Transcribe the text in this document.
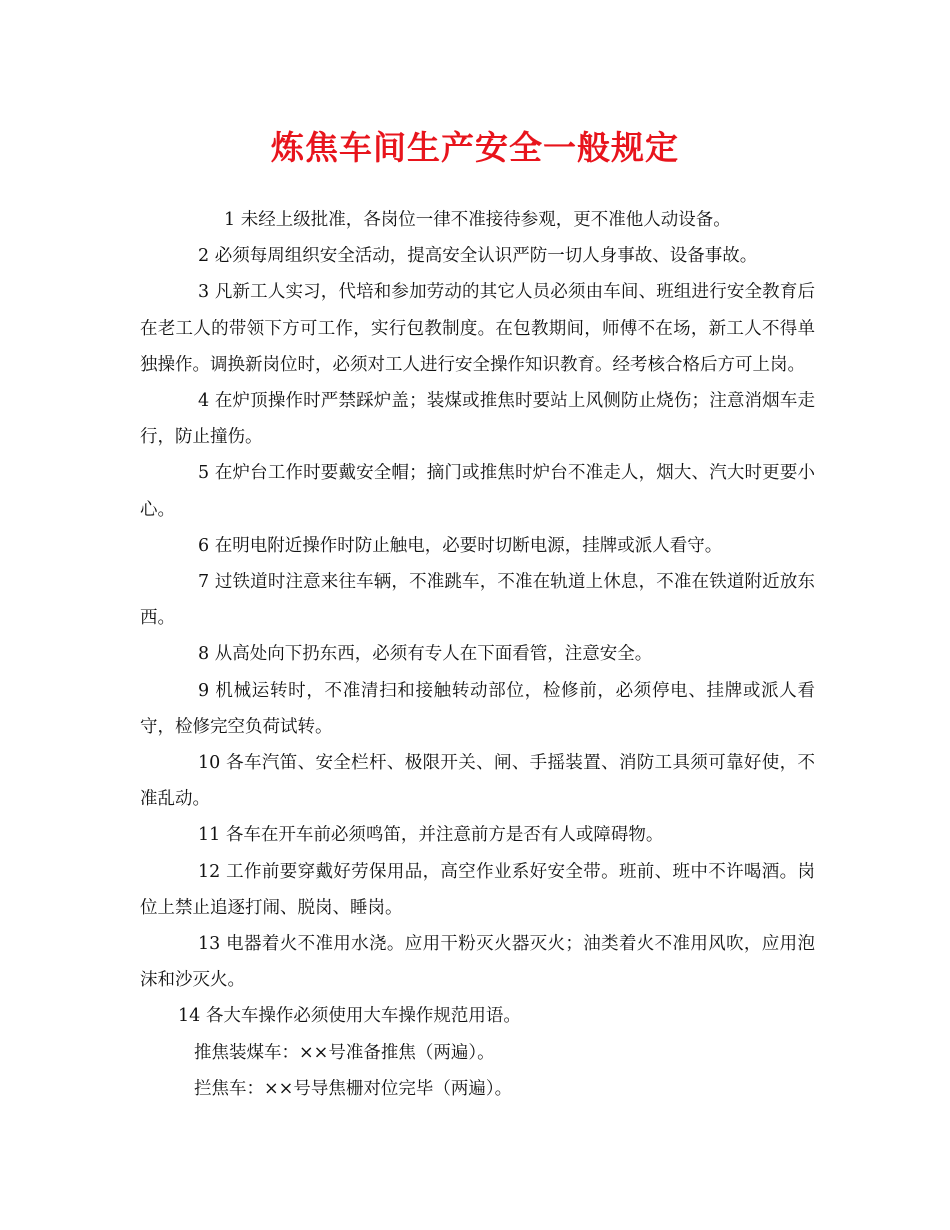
炼焦车间生产安全一般规定

1 未经上级批准，各岗位一律不准接待参观，更不准他人动设备。

2 必须每周组织安全活动，提高安全认识严防一切人身事故、设备事故。

3 凡新工人实习，代培和参加劳动的其它人员必须由车间、班组进行安全教育后在老工人的带领下方可工作，实行包教制度。在包教期间，师傅不在场，新工人不得单独操作。调换新岗位时，必须对工人进行安全操作知识教育。经考核合格后方可上岗。

4 在炉顶操作时严禁踩炉盖；装煤或推焦时要站上风侧防止烧伤；注意消烟车走行，防止撞伤。

5 在炉台工作时要戴安全帽；摘门或推焦时炉台不准走人，烟大、汽大时更要小心。

6 在明电附近操作时防止触电，必要时切断电源，挂牌或派人看守。

7 过铁道时注意来往车辆，不准跳车，不准在轨道上休息，不准在铁道附近放东西。

8 从高处向下扔东西，必须有专人在下面看管，注意安全。

9 机械运转时，不准清扫和接触转动部位，检修前，必须停电、挂牌或派人看守，检修完空负荷试转。

10 各车汽笛、安全栏杆、极限开关、闸、手摇装置、消防工具须可靠好使，不准乱动。

11 各车在开车前必须鸣笛，并注意前方是否有人或障碍物。

12 工作前要穿戴好劳保用品，高空作业系好安全带。班前、班中不许喝酒。岗位上禁止追逐打闹、脱岗、睡岗。

13 电器着火不准用水浇。应用干粉灭火器灭火；油类着火不准用风吹，应用泡沫和沙灭火。

14 各大车操作必须使用大车操作规范用语。

推焦装煤车：××号准备推焦（两遍）。

拦焦车：××号导焦栅对位完毕（两遍）。
